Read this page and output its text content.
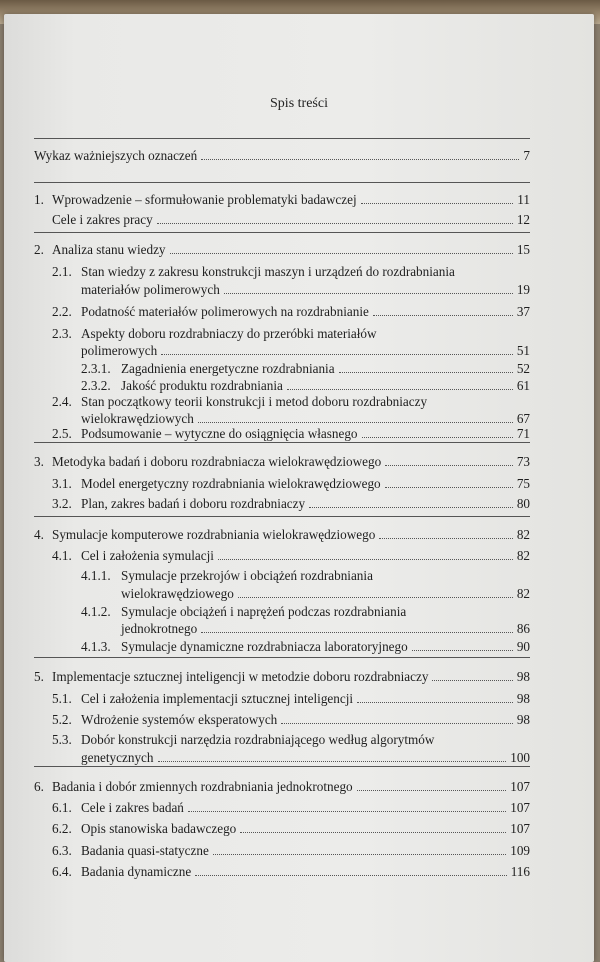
Spis treści
Wykaz ważniejszych oznaczeń	7
1. Wprowadzenie – sformułowanie problematyki badawczej	11
Cele i zakres pracy	12
2. Analiza stanu wiedzy	15
2.1. Stan wiedzy z zakresu konstrukcji maszyn i urządzeń do rozdrabniania
materiałów polimerowych	19
2.2. Podatność materiałów polimerowych na rozdrabnianie	37
2.3. Aspekty doboru rozdrabniaczy do przeróbki materiałów
polimerowych	51
2.3.1. Zagadnienia energetyczne rozdrabniania	52
2.3.2. Jakość produktu rozdrabniania	61
2.4. Stan początkowy teorii konstrukcji i metod doboru rozdrabniaczy
wielokrawędziowych	67
2.5. Podsumowanie – wytyczne do osiągnięcia własnego	71
3. Metodyka badań i doboru rozdrabniacza wielokrawędziowego	73
3.1. Model energetyczny rozdrabniania wielokrawędziowego	75
3.2. Plan, zakres badań i doboru rozdrabniaczy	80
4. Symulacje komputerowe rozdrabniania wielokrawędziowego	82
4.1. Cel i założenia symulacji	82
4.1.1. Symulacje przekrojów i obciążeń rozdrabniania
wielokrawędziowego	82
4.1.2. Symulacje obciążeń i naprężeń podczas rozdrabniania
jednokrotnego	86
4.1.3. Symulacje dynamiczne rozdrabniacza laboratoryjnego	90
5. Implementacje sztucznej inteligencji w metodzie doboru rozdrabniaczy	98
5.1. Cel i założenia implementacji sztucznej inteligencji	98
5.2. Wdrożenie systemów eksperatowych	98
5.3. Dobór konstrukcji narzędzia rozdrabniającego według algorytmów
genetycznych	100
6. Badania i dobór zmiennych rozdrabniania jednokrotnego	107
6.1. Cele i zakres badań	107
6.2. Opis stanowiska badawczego	107
6.3. Badania quasi-statyczne	109
6.4. Badania dynamiczne	116
